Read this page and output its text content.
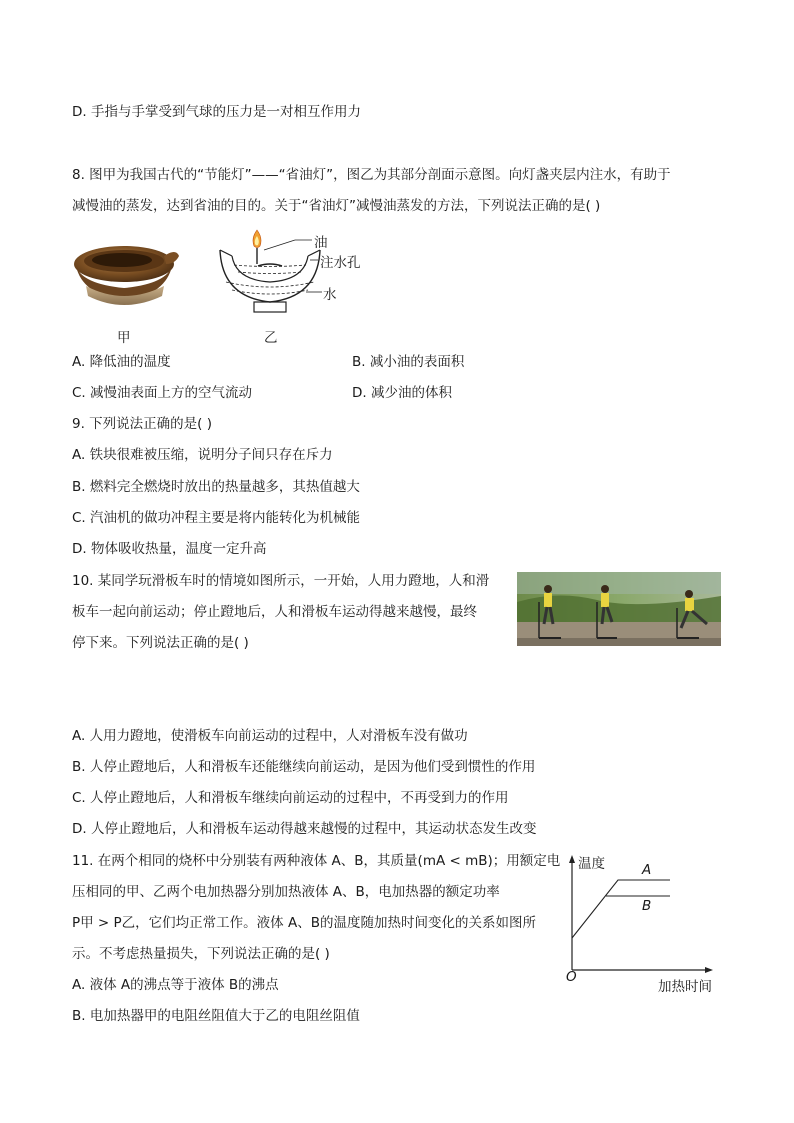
D. 手指与手掌受到气球的压力是一对相互作用力
8. 图甲为我国古代的“节能灯”——“省油灯”，图乙为其部分剖面示意图。向灯盏夹层内注水，有助于
减慢油的蒸发，达到省油的目的。关于“省油灯”减慢油蒸发的方法，下列说法正确的是( )
甲
油
注水孔
水
乙
A. 降低油的温度	B. 减小油的表面积
C. 减慢油表面上方的空气流动	D. 减少油的体积
9. 下列说法正确的是( )
A. 铁块很难被压缩，说明分子间只存在斥力
B. 燃料完全燃烧时放出的热量越多，其热值越大
C. 汽油机的做功冲程主要是将内能转化为机械能
D. 物体吸收热量，温度一定升高
10. 某同学玩滑板车时的情境如图所示，一开始，人用力蹬地，人和滑
板车一起向前运动；停止蹬地后，人和滑板车运动得越来越慢，最终
停下来。下列说法正确的是( )
A. 人用力蹬地，使滑板车向前运动的过程中，人对滑板车没有做功
B. 人停止蹬地后，人和滑板车还能继续向前运动，是因为他们受到惯性的作用
C. 人停止蹬地后，人和滑板车继续向前运动的过程中，不再受到力的作用
D. 人停止蹬地后，人和滑板车运动得越来越慢的过程中，其运动状态发生改变
11. 在两个相同的烧杯中分别装有两种液体 A、B，其质量(mA < mB)；用额定电
压相同的甲、乙两个电加热器分别加热液体 A、B，电加热器的额定功率
P甲 > P乙，它们均正常工作。液体 A、B的温度随加热时间变化的关系如图所
示。不考虑热量损失，下列说法正确的是( )
A. 液体 A的沸点等于液体 B的沸点
B. 电加热器甲的电阻丝阻值大于乙的电阻丝阻值
温度
加热时间
O
A
B
